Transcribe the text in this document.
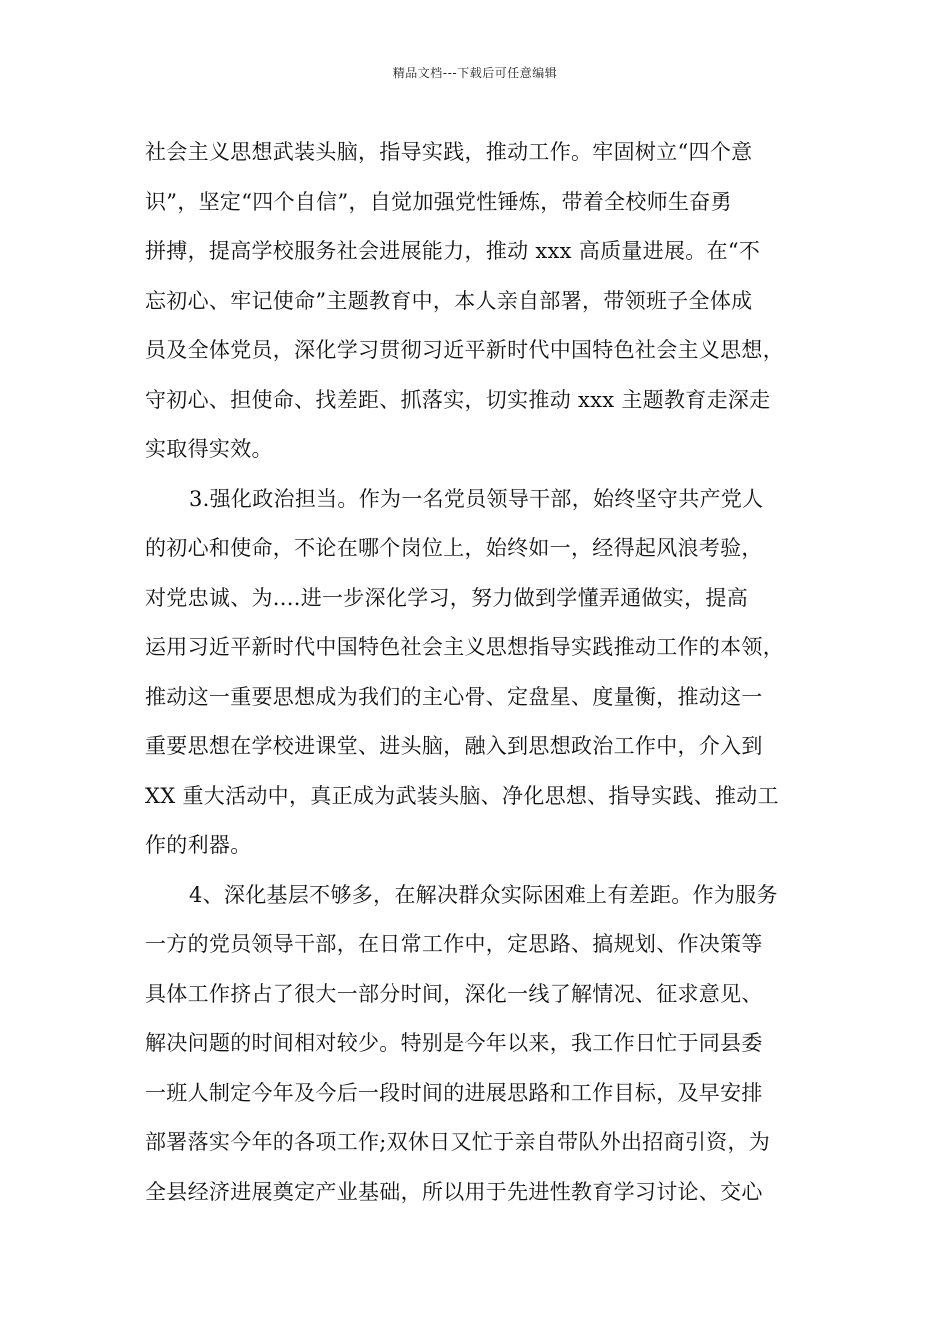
精品文档---下载后可任意编辑
社会主义思想武装头脑，指导实践，推动工作。牢固树立“四个意
识”，坚定“四个自信”，自觉加强党性锤炼，带着全校师生奋勇
拼搏，提高学校服务社会进展能力，推动 xxx 高质量进展。在“不
忘初心、牢记使命”主题教育中，本人亲自部署，带领班子全体成
员及全体党员，深化学习贯彻习近平新时代中国特色社会主义思想，
守初心、担使命、找差距、抓落实，切实推动 xxx 主题教育走深走
实取得实效。
3.强化政治担当。作为一名党员领导干部，始终坚守共产党人
的初心和使命，不论在哪个岗位上，始终如一，经得起风浪考验，
对党忠诚、为....进一步深化学习，努力做到学懂弄通做实，提高
运用习近平新时代中国特色社会主义思想指导实践推动工作的本领，
推动这一重要思想成为我们的主心骨、定盘星、度量衡，推动这一
重要思想在学校进课堂、进头脑，融入到思想政治工作中，介入到
XX 重大活动中，真正成为武装头脑、净化思想、指导实践、推动工
作的利器。
4、深化基层不够多，在解决群众实际困难上有差距。作为服务
一方的党员领导干部，在日常工作中，定思路、搞规划、作决策等
具体工作挤占了很大一部分时间，深化一线了解情况、征求意见、
解决问题的时间相对较少。特别是今年以来，我工作日忙于同县委
一班人制定今年及今后一段时间的进展思路和工作目标，及早安排
部署落实今年的各项工作;双休日又忙于亲自带队外出招商引资，为
全县经济进展奠定产业基础，所以用于先进性教育学习讨论、交心
